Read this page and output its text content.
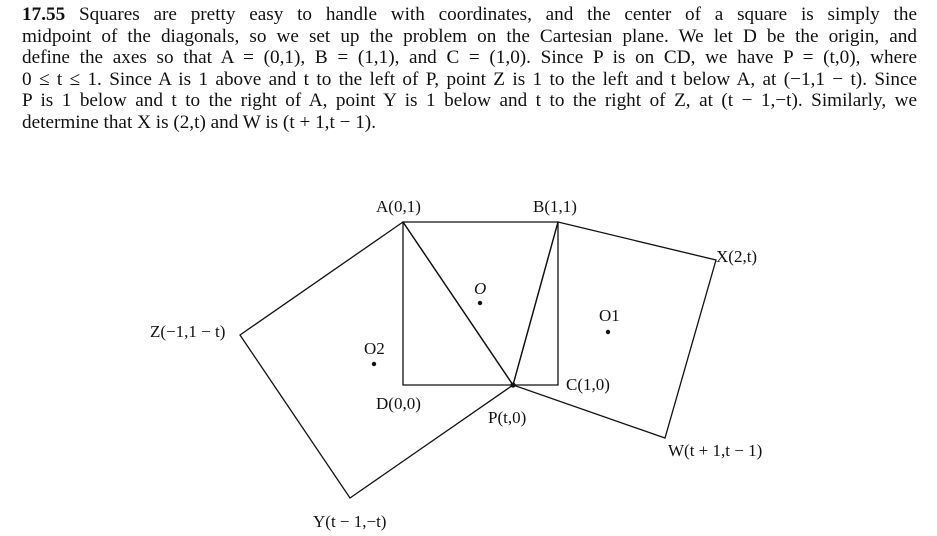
17.55 Squares are pretty easy to handle with coordinates, and the center of a square is simply the
midpoint of the diagonals, so we set up the problem on the Cartesian plane. We let D be the origin, and
define the axes so that A = (0,1), B = (1,1), and C = (1,0). Since P is on CD, we have P = (t,0), where
0 ≤ t ≤ 1. Since A is 1 above and t to the left of P, point Z is 1 to the left and t below A, at (−1,1 − t). Since
P is 1 below and t to the right of A, point Y is 1 below and t to the right of Z, at (t − 1,−t). Similarly, we
determine that X is (2,t) and W is (t + 1,t − 1).
A(0,1)	B(1,1)
C(1,0)
D(0,0)
P(t,0)
Z(−1,1 − t)
Y(t − 1,−t)
X(2,t)
W(t + 1,t − 1)
O
O1
O2
